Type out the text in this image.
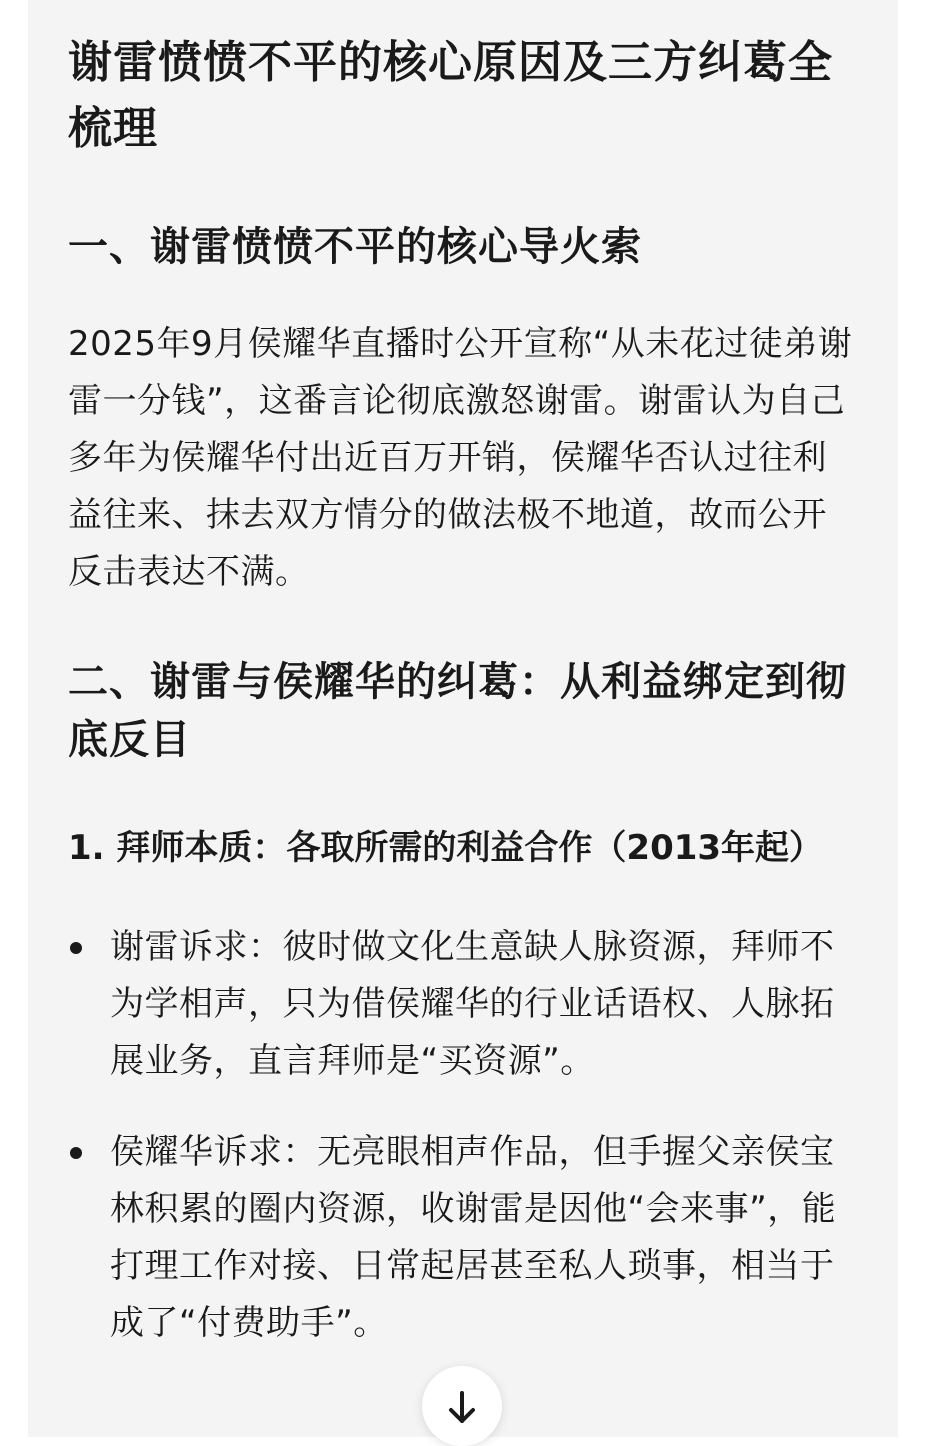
谢雷愤愤不平的核心原因及三方纠葛全梳理
一、谢雷愤愤不平的核心导火索

2025年9月侯耀华直播时公开宣称“从未花过徒弟谢雷一分钱”，这番言论彻底激怒谢雷。谢雷认为自己多年为侯耀华付出近百万开销，侯耀华否认过往利益往来、抹去双方情分的做法极不地道，故而公开反击表达不满。

二、谢雷与侯耀华的纠葛：从利益绑定到彻底反目
1. 拜师本质：各取所需的利益合作（2013年起）
谢雷诉求：彼时做文化生意缺人脉资源，拜师不为学相声，只为借侯耀华的行业话语权、人脉拓展业务，直言拜师是“买资源”。
侯耀华诉求：无亮眼相声作品，但手握父亲侯宝林积累的圈内资源，收谢雷是因他“会来事”，能打理工作对接、日常起居甚至私人琐事，相当于成了“付费助手”。
